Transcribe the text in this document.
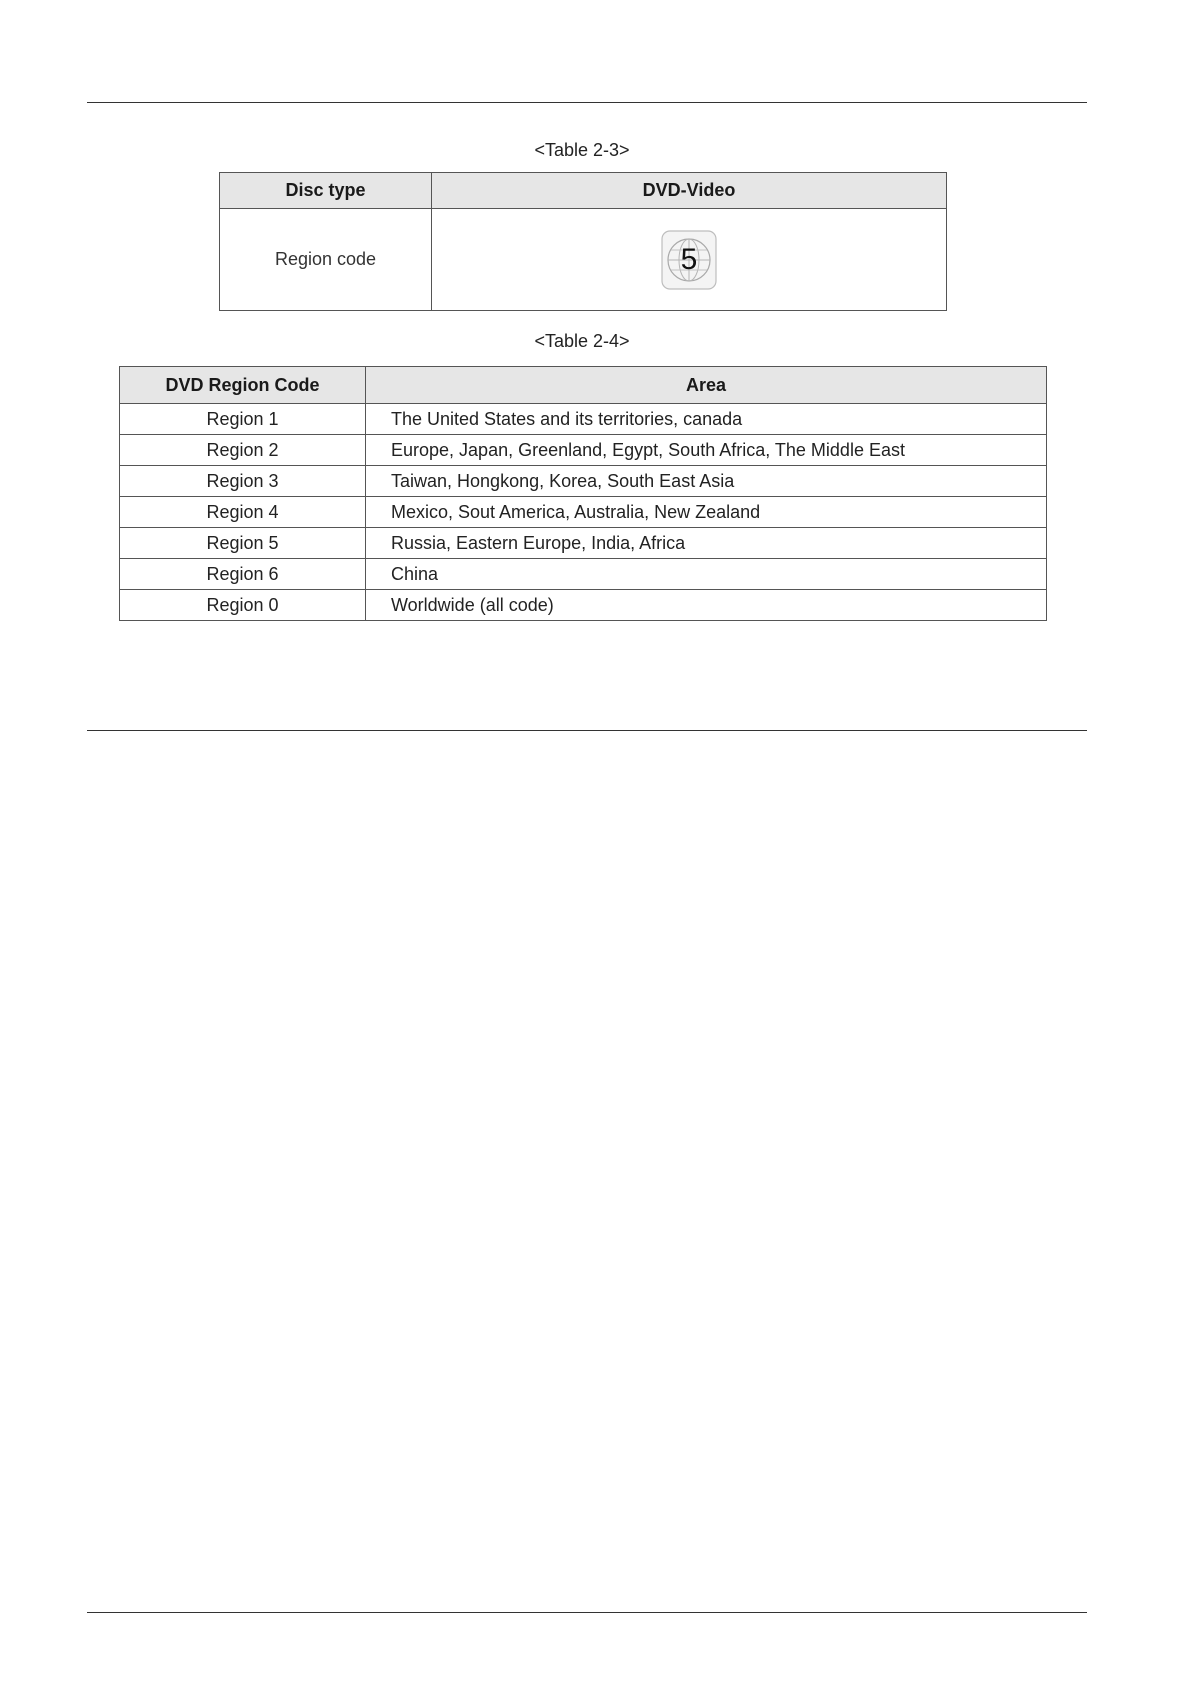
<Table 2-3>
Disc type	DVD-Video
Region code	5
<Table 2-4>
DVD Region Code	Area
Region 1	The United States and its territories, canada
Region 2	Europe, Japan, Greenland, Egypt, South Africa, The Middle East
Region 3	Taiwan, Hongkong, Korea, South East Asia
Region 4	Mexico, Sout America, Australia, New Zealand
Region 5	Russia, Eastern Europe, India, Africa
Region 6	China
Region 0	Worldwide (all code)
